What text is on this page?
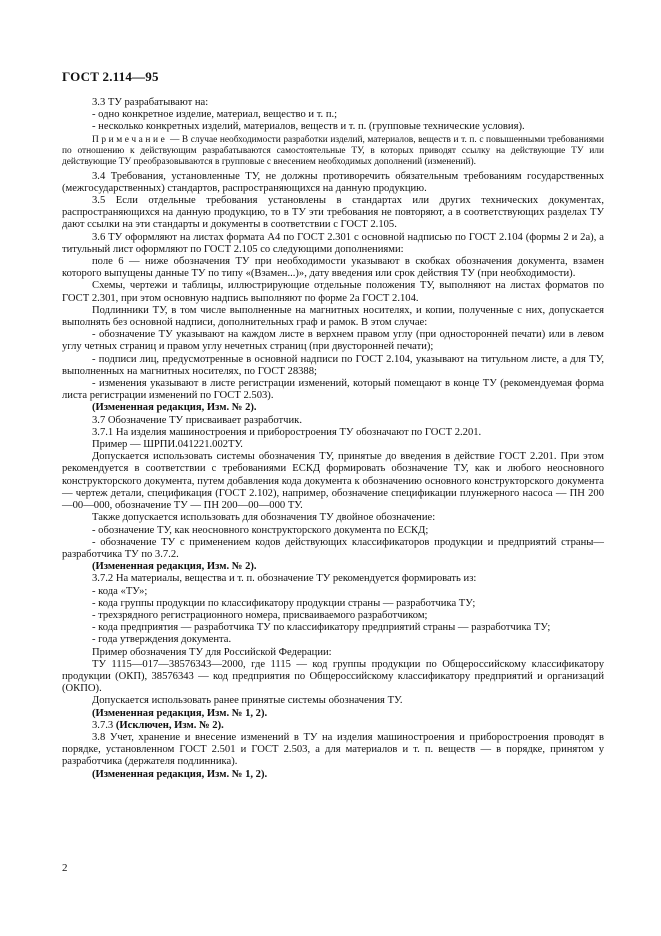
ГОСТ 2.114—95

3.3 ТУ разрабатывают на:

- одно конкретное изделие, материал, вещество и т. п.;

- несколько конкретных изделий, материалов, веществ и т. п. (групповые технические условия).

Примечание — В случае необходимости разработки изделий, материалов, веществ и т. п. с повышенными требованиями по отношению к действующим разрабатываются самостоятельные ТУ, в которых приводят ссылку на действующие ТУ или действующие ТУ преобразовываются в групповые с внесением необходимых дополнений (изменений).

3.4 Требования, установленные ТУ, не должны противоречить обязательным требованиям государственных (межгосударственных) стандартов, распространяющихся на данную продукцию.

3.5 Если отдельные требования установлены в стандартах или других технических документах, распространяющихся на данную продукцию, то в ТУ эти требования не повторяют, а в соответствующих разделах ТУ дают ссылки на эти стандарты и документы в соответствии с ГОСТ 2.105.

3.6 ТУ оформляют на листах формата А4 по ГОСТ 2.301 с основной надписью по ГОСТ 2.104 (формы 2 и 2а), а титульный лист оформляют по ГОСТ 2.105 со следующими дополнениями:

поле 6 — ниже обозначения ТУ при необходимости указывают в скобках обозначения документа, взамен которого выпущены данные ТУ по типу «(Взамен...)», дату введения или срок действия ТУ (при необходимости).

Схемы, чертежи и таблицы, иллюстрирующие отдельные положения ТУ, выполняют на листах форматов по ГОСТ 2.301, при этом основную надпись выполняют по форме 2а ГОСТ 2.104.

Подлинники ТУ, в том числе выполненные на магнитных носителях, и копии, полученные с них, допускается выполнять без основной надписи, дополнительных граф и рамок. В этом случае:

- обозначение ТУ указывают на каждом листе в верхнем правом углу (при односторонней печати) или в левом углу четных страниц и правом углу нечетных страниц (при двусторонней печати);

- подписи лиц, предусмотренные в основной надписи по ГОСТ 2.104, указывают на титульном листе, а для ТУ, выполненных на магнитных носителях, по ГОСТ 28388;

- изменения указывают в листе регистрации изменений, который помещают в конце ТУ (рекомендуемая форма листа регистрации изменений по ГОСТ 2.503).

(Измененная редакция, Изм. № 2).

3.7 Обозначение ТУ присваивает разработчик.

3.7.1 На изделия машиностроения и приборостроения ТУ обозначают по ГОСТ 2.201.

Пример — ШРПИ.041221.002ТУ.

Допускается использовать системы обозначения ТУ, принятые до введения в действие ГОСТ 2.201. При этом рекомендуется в соответствии с требованиями ЕСКД формировать обозначение ТУ, как и любого неосновного конструкторского документа, путем добавления кода документа к обозначению основного конструкторского документа — чертеж детали, спецификация (ГОСТ 2.102), например, обозначение спецификации плунжерного насоса — ПН 200—00—000, обозначение ТУ — ПН 200—00—000 ТУ.

Также допускается использовать для обозначения ТУ двойное обозначение:

- обозначение ТУ, как неосновного конструкторского документа по ЕСКД;

- обозначение ТУ с применением кодов действующих классификаторов продукции и предприятий страны—разработчика ТУ по 3.7.2.

(Измененная редакция, Изм. № 2).

3.7.2 На материалы, вещества и т. п. обозначение ТУ рекомендуется формировать из:

- кода «ТУ»;

- кода группы продукции по классификатору продукции страны — разработчика ТУ;

- трехзрядного регистрационного номера, присваиваемого разработчиком;

- кода предприятия — разработчика ТУ по классификатору предприятий страны — разработчика ТУ;

- года утверждения документа.

Пример обозначения ТУ для Российской Федерации:

ТУ 1115—017—38576343—2000, где 1115 — код группы продукции по Общероссийскому классификатору продукции (ОКП), 38576343 — код предприятия по Общероссийскому классификатору предприятий и организаций (ОКПО).

Допускается использовать ранее принятые системы обозначения ТУ.

(Измененная редакция, Изм. № 1, 2).

3.7.3 (Исключен, Изм. № 2).

3.8 Учет, хранение и внесение изменений в ТУ на изделия машиностроения и приборостроения проводят в порядке, установленном ГОСТ 2.501 и ГОСТ 2.503, а для материалов и т. п. веществ — в порядке, принятом у разработчика (держателя подлинника).

(Измененная редакция, Изм. № 1, 2).

2
